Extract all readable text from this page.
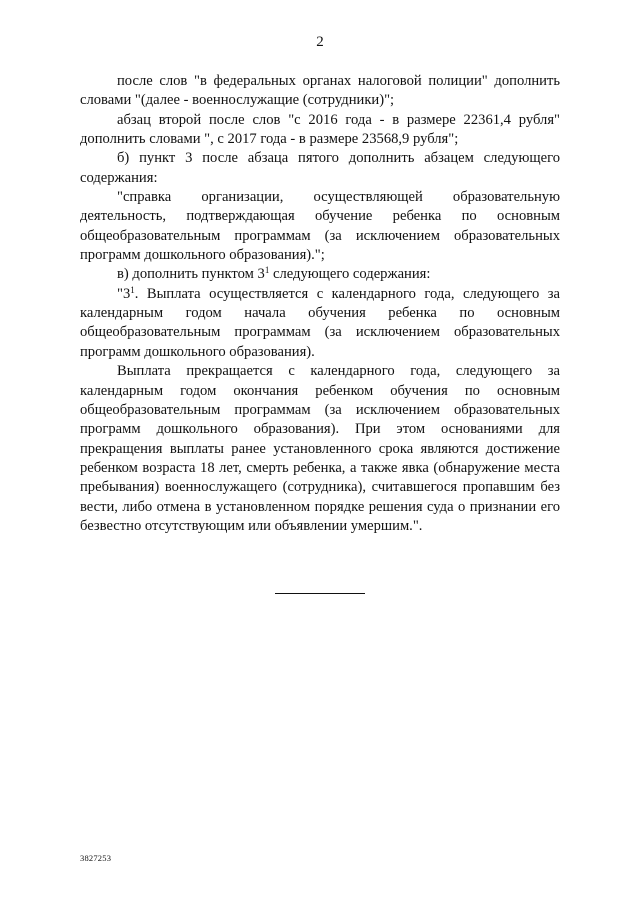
2

после слов "в федеральных органах налоговой полиции" дополнить словами "(далее - военнослужащие (сотрудники)";

абзац второй после слов "с 2016 года - в размере 22361,4 рубля" дополнить словами ", с 2017 года - в размере 23568,9 рубля";

б) пункт 3 после абзаца пятого дополнить абзацем следующего содержания:

"справка организации, осуществляющей образовательную деятельность, подтверждающая обучение ребенка по основным общеобразовательным программам (за исключением образовательных программ дошкольного образования).";

в) дополнить пунктом $3^1$ следующего содержания:

"$3^1$. Выплата осуществляется с календарного года, следующего за календарным годом начала обучения ребенка по основным общеобразовательным программам (за исключением образовательных программ дошкольного образования).

Выплата прекращается с календарного года, следующего за календарным годом окончания ребенком обучения по основным общеобразовательным программам (за исключением образовательных программ дошкольного образования). При этом основаниями для прекращения выплаты ранее установленного срока являются достижение ребенком возраста 18 лет, смерть ребенка, а также явка (обнаружение места пребывания) военнослужащего (сотрудника), считавшегося пропавшим без вести, либо отмена в установленном порядке решения суда о признании его безвестно отсутствующим или объявлении умершим.".

3827253
